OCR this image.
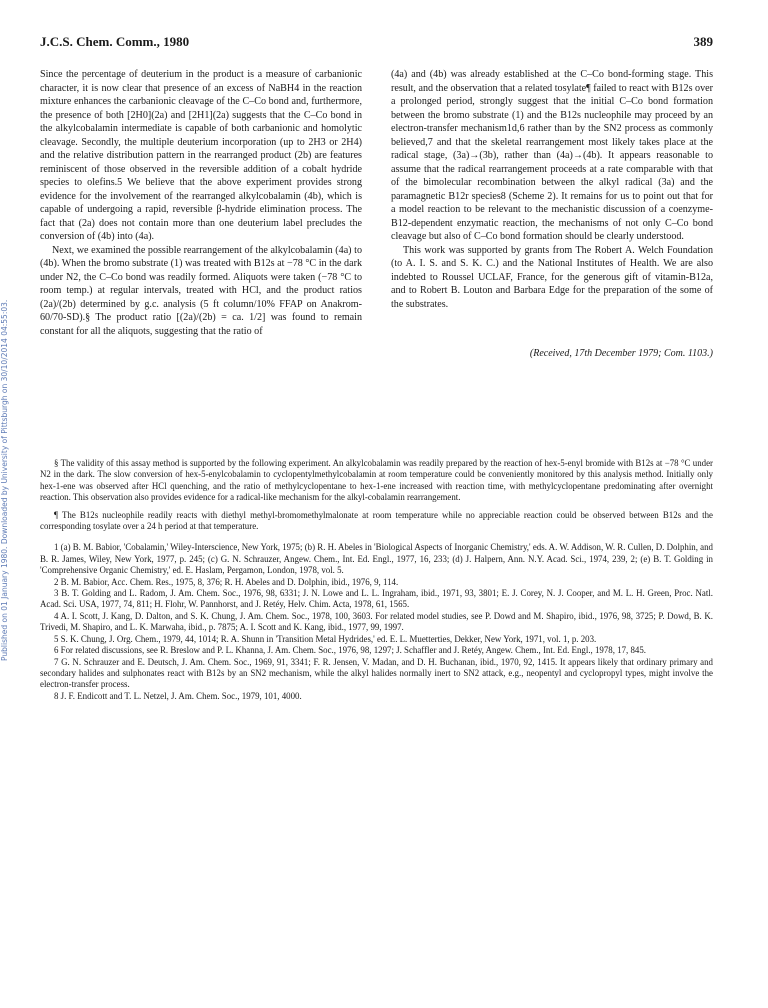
Published on 01 January 1980. Downloaded by University of Pittsburgh on 30/10/2014 04:55:03.
J.C.S. Chem. Comm., 1980	389

Since the percentage of deuterium in the product is a measure of carbanionic character, it is now clear that presence of an excess of NaBH4 in the reaction mixture enhances the carbanionic cleavage of the C–Co bond and, furthermore, the presence of both [2H0](2a) and [2H1](2a) suggests that the C–Co bond in the alkylcobalamin intermediate is capable of both carbanionic and homolytic cleavage. Secondly, the multiple deuterium incorporation (up to 2H3 or 2H4) and the relative distribution pattern in the rearranged product (2b) are features reminiscent of those observed in the reversible addition of a cobalt hydride species to olefins.5 We believe that the above experiment provides strong evidence for the involvement of the rearranged alkylcobalamin (4b), which is capable of undergoing a rapid, reversible β-hydride elimination process. The fact that (2a) does not contain more than one deuterium label precludes the conversion of (4b) into (4a).

Next, we examined the possible rearrangement of the alkylcobalamin (4a) to (4b). When the bromo substrate (1) was treated with B12s at −78 °C in the dark under N2, the C–Co bond was readily formed. Aliquots were taken (−78 °C to room temp.) at regular intervals, treated with HCl, and the product ratios (2a)/(2b) determined by g.c. analysis (5 ft column/10% FFAP on Anakrom-60/70-SD).§ The product ratio [(2a)/(2b) = ca. 1/2] was found to remain constant for all the aliquots, suggesting that the ratio of

(4a) and (4b) was already established at the C–Co bond-forming stage. This result, and the observation that a related tosylate¶ failed to react with B12s over a prolonged period, strongly suggest that the initial C–Co bond formation between the bromo substrate (1) and the B12s nucleophile may proceed by an electron-transfer mechanism1d,6 rather than by the SN2 process as commonly believed,7 and that the skeletal rearrangement most likely takes place at the radical stage, (3a)→(3b), rather than (4a)→(4b). It appears reasonable to assume that the radical rearrangement proceeds at a rate comparable with that of the bimolecular recombination between the alkyl radical (3a) and the paramagnetic B12r species8 (Scheme 2). It remains for us to point out that for a model reaction to be relevant to the mechanistic discussion of a coenzyme-B12-dependent enzymatic reaction, the mechanisms of not only C–Co bond cleavage but also of C–Co bond formation should be clearly understood.

This work was supported by grants from The Robert A. Welch Foundation (to A. I. S. and S. K. C.) and the National Institutes of Health. We are also indebted to Roussel UCLAF, France, for the generous gift of vitamin-B12a, and to Robert B. Louton and Barbara Edge for the preparation of the some of the substrates.

(Received, 17th December 1979; Com. 1103.)

§ The validity of this assay method is supported by the following experiment. An alkylcobalamin was readily prepared by the reaction of hex-5-enyl bromide with B12s at −78 °C under N2 in the dark. The slow conversion of hex-5-enylcobalamin to cyclopentylmethylcobalamin at room temperature could be conveniently monitored by this analysis method. Initially only hex-1-ene was observed after HCl quenching, and the ratio of methylcyclopentane to hex-1-ene increased with reaction time, with methylcyclopentane predominating after overnight reaction. This observation also provides evidence for a radical-like mechanism for the alkyl-cobalamin rearrangement.

¶ The B12s nucleophile readily reacts with diethyl methyl-bromomethylmalonate at room temperature while no appreciable reaction could be observed between B12s and the corresponding tosylate over a 24 h period at that temperature.

1 (a) B. M. Babior, 'Cobalamin,' Wiley-Interscience, New York, 1975; (b) R. H. Abeles in 'Biological Aspects of Inorganic Chemistry,' eds. A. W. Addison, W. R. Cullen, D. Dolphin, and B. R. James, Wiley, New York, 1977, p. 245; (c) G. N. Schrauzer, Angew. Chem., Int. Ed. Engl., 1977, 16, 233; (d) J. Halpern, Ann. N.Y. Acad. Sci., 1974, 239, 2; (e) B. T. Golding in 'Comprehensive Organic Chemistry,' ed. E. Haslam, Pergamon, London, 1978, vol. 5.

2 B. M. Babior, Acc. Chem. Res., 1975, 8, 376; R. H. Abeles and D. Dolphin, ibid., 1976, 9, 114.

3 B. T. Golding and L. Radom, J. Am. Chem. Soc., 1976, 98, 6331; J. N. Lowe and L. L. Ingraham, ibid., 1971, 93, 3801; E. J. Corey, N. J. Cooper, and M. L. H. Green, Proc. Natl. Acad. Sci. USA, 1977, 74, 811; H. Flohr, W. Pannhorst, and J. Retéy, Helv. Chim. Acta, 1978, 61, 1565.

4 A. I. Scott, J. Kang, D. Dalton, and S. K. Chung, J. Am. Chem. Soc., 1978, 100, 3603. For related model studies, see P. Dowd and M. Shapiro, ibid., 1976, 98, 3725; P. Dowd, B. K. Trivedi, M. Shapiro, and L. K. Marwaha, ibid., p. 7875; A. I. Scott and K. Kang, ibid., 1977, 99, 1997.

5 S. K. Chung, J. Org. Chem., 1979, 44, 1014; R. A. Shunn in 'Transition Metal Hydrides,' ed. E. L. Muetterties, Dekker, New York, 1971, vol. 1, p. 203.

6 For related discussions, see R. Breslow and P. L. Khanna, J. Am. Chem. Soc., 1976, 98, 1297; J. Schaffler and J. Retéy, Angew. Chem., Int. Ed. Engl., 1978, 17, 845.

7 G. N. Schrauzer and E. Deutsch, J. Am. Chem. Soc., 1969, 91, 3341; F. R. Jensen, V. Madan, and D. H. Buchanan, ibid., 1970, 92, 1415. It appears likely that ordinary primary and secondary halides and sulphonates react with B12s by an SN2 mechanism, while the alkyl halides normally inert to SN2 attack, e.g., neopentyl and cyclopropyl types, might involve the electron-transfer process.

8 J. F. Endicott and T. L. Netzel, J. Am. Chem. Soc., 1979, 101, 4000.
